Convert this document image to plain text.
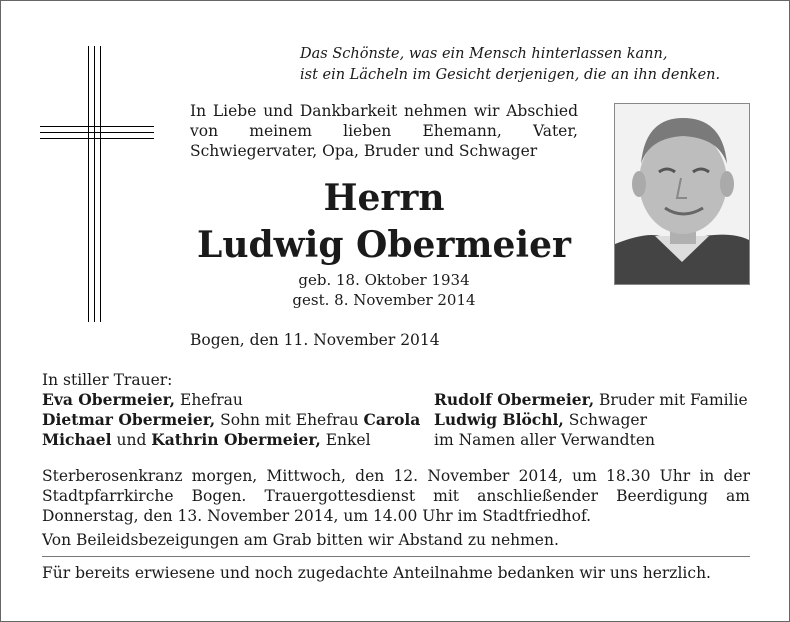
Das Schönste, was ein Mensch hinterlassen kann,
ist ein Lächeln im Gesicht derjenigen, die an ihn denken.
In Liebe und Dankbarkeit nehmen wir Abschied von meinem lieben Ehemann, Vater, Schwiegervater, Opa, Bruder und Schwager
Herrn
Ludwig Obermeier
geb. 18. Oktober 1934
gest. 8. November 2014
Bogen, den 11. November 2014
In stiller Trauer:
Eva Obermeier, Ehefrau
Dietmar Obermeier, Sohn mit Ehefrau Carola
Michael und Kathrin Obermeier, Enkel
Rudolf Obermeier, Bruder mit Familie
Ludwig Blöchl, Schwager
im Namen aller Verwandten
Sterberosenkranz morgen, Mittwoch, den 12. November 2014, um 18.30 Uhr in der Stadtpfarrkirche Bogen. Trauergottesdienst mit anschließender Beerdigung am Donnerstag, den 13. November 2014, um 14.00 Uhr im Stadtfriedhof.
Von Beileidsbezeigungen am Grab bitten wir Abstand zu nehmen.
Für bereits erwiesene und noch zugedachte Anteilnahme bedanken wir uns herzlich.
